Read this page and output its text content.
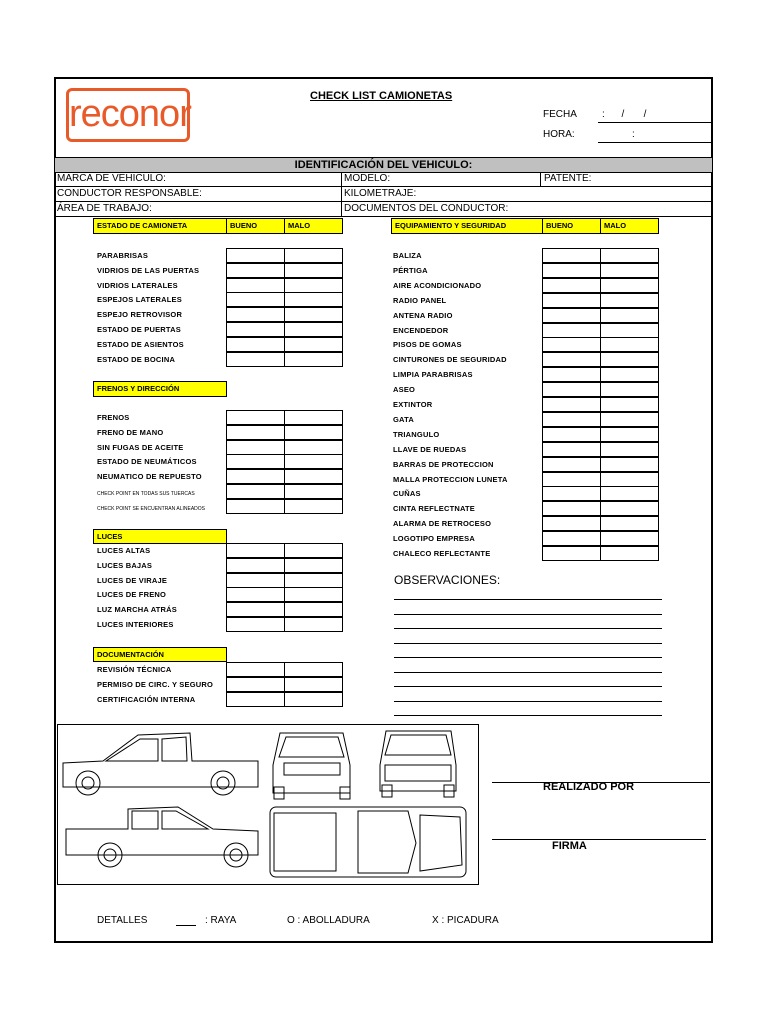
reconor	CHECK LIST CAMIONETAS
FECHA	:      /       /
HORA:	:
IDENTIFICACIÓN DEL VEHICULO:
MARCA DE VEHICULO:	MODELO:	PATENTE:
CONDUCTOR RESPONSABLE:	KILOMETRAJE:
ÁREA DE TRABAJO:	DOCUMENTOS DEL CONDUCTOR:
ESTADO DE CAMIONETA	BUENO	MALO
PARABRISAS
VIDRIOS DE LAS PUERTAS
VIDRIOS LATERALES
ESPEJOS LATERALES
ESPEJO RETROVISOR
ESTADO DE PUERTAS
ESTADO DE ASIENTOS
ESTADO DE BOCINA
FRENOS Y DIRECCIÓN
FRENOS
FRENO DE MANO
SIN FUGAS DE ACEITE
ESTADO DE NEUMÁTICOS
NEUMATICO DE REPUESTO
CHECK POINT EN TODAS SUS TUERCAS
CHECK POINT SE ENCUENTRAN ALINEADOS
LUCES
LUCES ALTAS
LUCES BAJAS
LUCES DE VIRAJE
LUCES DE FRENO
LUZ MARCHA ATRÁS
LUCES INTERIORES
DOCUMENTACIÓN
REVISIÓN TÉCNICA
PERMISO DE CIRC. Y SEGURO
CERTIFICACIÓN INTERNA
EQUIPAMIENTO Y SEGURIDAD	BUENO	MALO
BALIZA
PÉRTIGA
AIRE ACONDICIONADO
RADIO PANEL
ANTENA RADIO
ENCENDEDOR
PISOS DE GOMAS
CINTURONES DE SEGURIDAD
LIMPIA PARABRISAS
ASEO
EXTINTOR
GATA
TRIANGULO
LLAVE DE RUEDAS
BARRAS DE PROTECCION
MALLA PROTECCION LUNETA
CUÑAS
CINTA REFLECTNATE
ALARMA DE RETROCESO
LOGOTIPO EMPRESA
CHALECO REFLECTANTE
OBSERVACIONES:
REALIZADO POR
FIRMA
DETALLES	: RAYA	O : ABOLLADURA	X : PICADURA
